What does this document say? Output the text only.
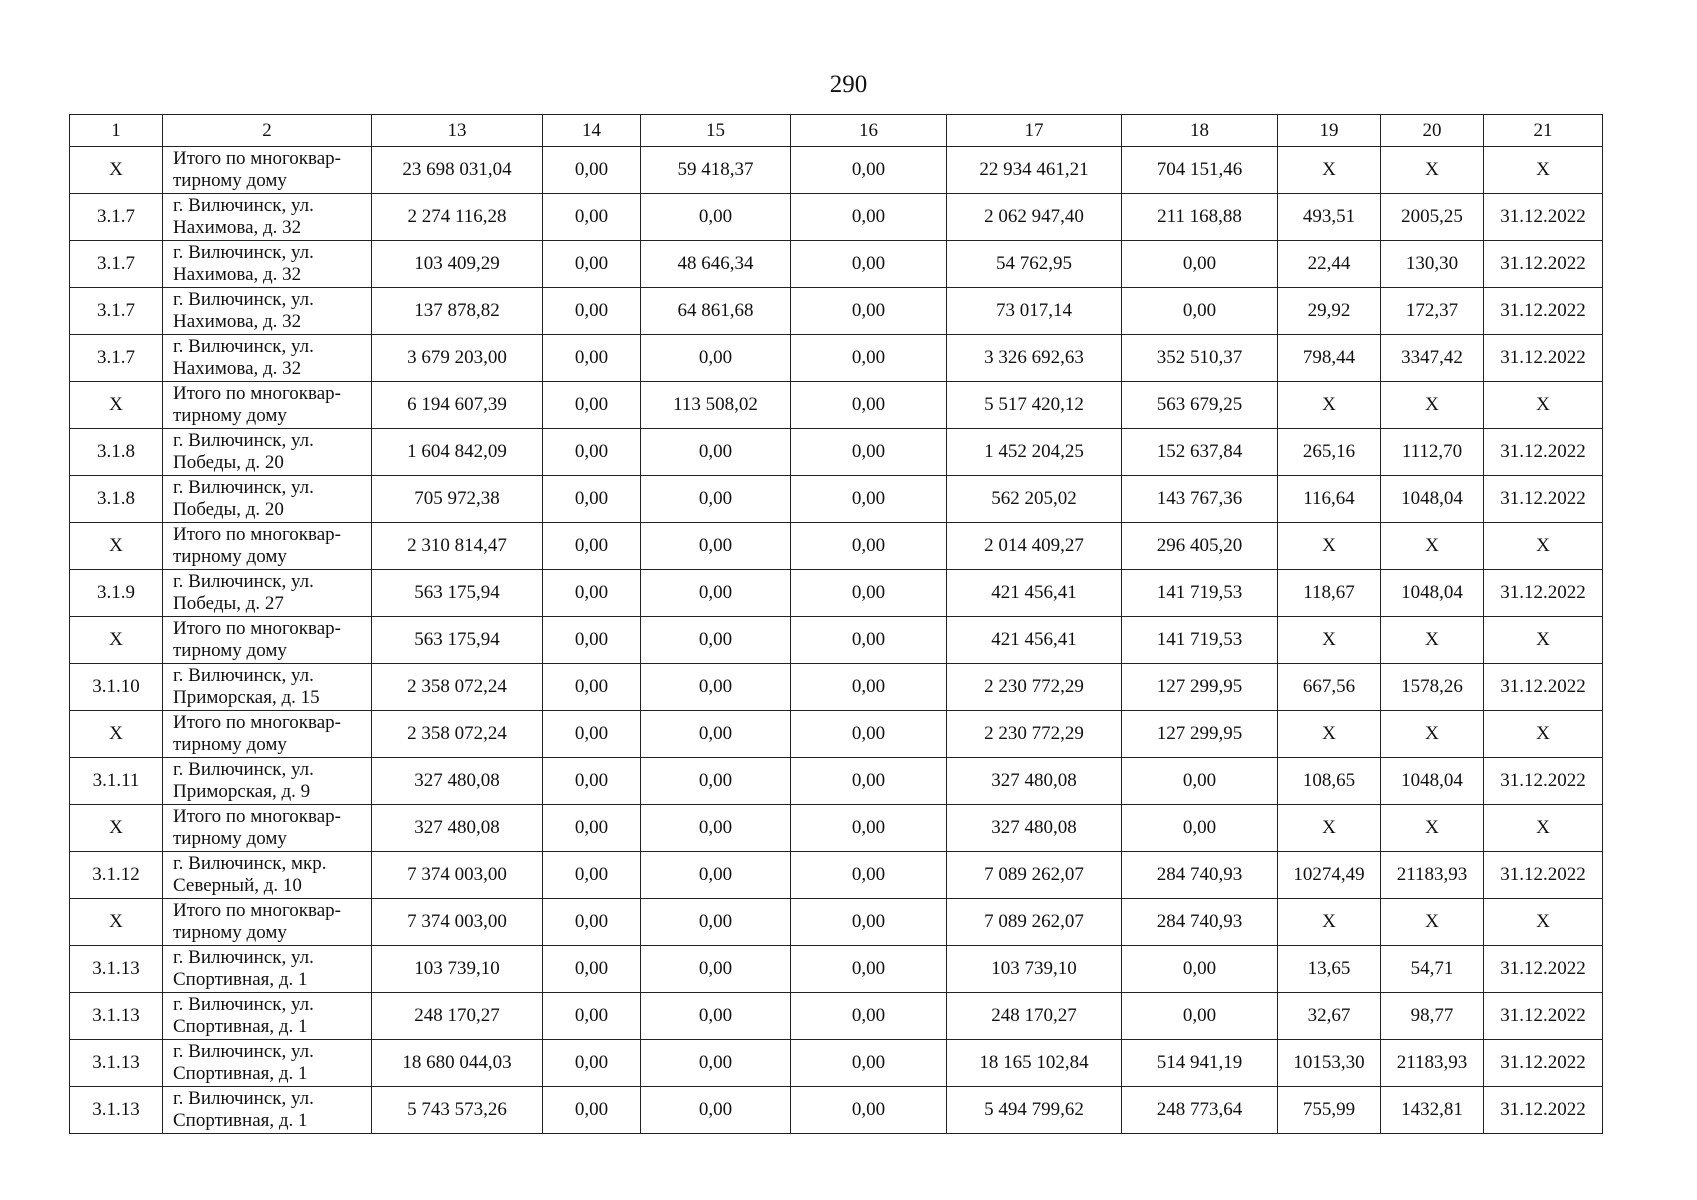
290
1	2	13	14	15	16	17	18	19	20	21
X	Итого по многоквар-тирному дому	23 698 031,04	0,00	59 418,37	0,00	22 934 461,21	704 151,46	X	X	X
3.1.7	г. Вилючинск, ул. Нахимова, д. 32	2 274 116,28	0,00	0,00	0,00	2 062 947,40	211 168,88	493,51	2005,25	31.12.2022
3.1.7	г. Вилючинск, ул. Нахимова, д. 32	103 409,29	0,00	48 646,34	0,00	54 762,95	0,00	22,44	130,30	31.12.2022
3.1.7	г. Вилючинск, ул. Нахимова, д. 32	137 878,82	0,00	64 861,68	0,00	73 017,14	0,00	29,92	172,37	31.12.2022
3.1.7	г. Вилючинск, ул. Нахимова, д. 32	3 679 203,00	0,00	0,00	0,00	3 326 692,63	352 510,37	798,44	3347,42	31.12.2022
X	Итого по многоквар-тирному дому	6 194 607,39	0,00	113 508,02	0,00	5 517 420,12	563 679,25	X	X	X
3.1.8	г. Вилючинск, ул. Победы, д. 20	1 604 842,09	0,00	0,00	0,00	1 452 204,25	152 637,84	265,16	1112,70	31.12.2022
3.1.8	г. Вилючинск, ул. Победы, д. 20	705 972,38	0,00	0,00	0,00	562 205,02	143 767,36	116,64	1048,04	31.12.2022
X	Итого по многоквар-тирному дому	2 310 814,47	0,00	0,00	0,00	2 014 409,27	296 405,20	X	X	X
3.1.9	г. Вилючинск, ул. Победы, д. 27	563 175,94	0,00	0,00	0,00	421 456,41	141 719,53	118,67	1048,04	31.12.2022
X	Итого по многоквар-тирному дому	563 175,94	0,00	0,00	0,00	421 456,41	141 719,53	X	X	X
3.1.10	г. Вилючинск, ул. Приморская, д. 15	2 358 072,24	0,00	0,00	0,00	2 230 772,29	127 299,95	667,56	1578,26	31.12.2022
X	Итого по многоквар-тирному дому	2 358 072,24	0,00	0,00	0,00	2 230 772,29	127 299,95	X	X	X
3.1.11	г. Вилючинск, ул. Приморская, д. 9	327 480,08	0,00	0,00	0,00	327 480,08	0,00	108,65	1048,04	31.12.2022
X	Итого по многоквар-тирному дому	327 480,08	0,00	0,00	0,00	327 480,08	0,00	X	X	X
3.1.12	г. Вилючинск, мкр. Северный, д. 10	7 374 003,00	0,00	0,00	0,00	7 089 262,07	284 740,93	10274,49	21183,93	31.12.2022
X	Итого по многоквар-тирному дому	7 374 003,00	0,00	0,00	0,00	7 089 262,07	284 740,93	X	X	X
3.1.13	г. Вилючинск, ул. Спортивная, д. 1	103 739,10	0,00	0,00	0,00	103 739,10	0,00	13,65	54,71	31.12.2022
3.1.13	г. Вилючинск, ул. Спортивная, д. 1	248 170,27	0,00	0,00	0,00	248 170,27	0,00	32,67	98,77	31.12.2022
3.1.13	г. Вилючинск, ул. Спортивная, д. 1	18 680 044,03	0,00	0,00	0,00	18 165 102,84	514 941,19	10153,30	21183,93	31.12.2022
3.1.13	г. Вилючинск, ул. Спортивная, д. 1	5 743 573,26	0,00	0,00	0,00	5 494 799,62	248 773,64	755,99	1432,81	31.12.2022
